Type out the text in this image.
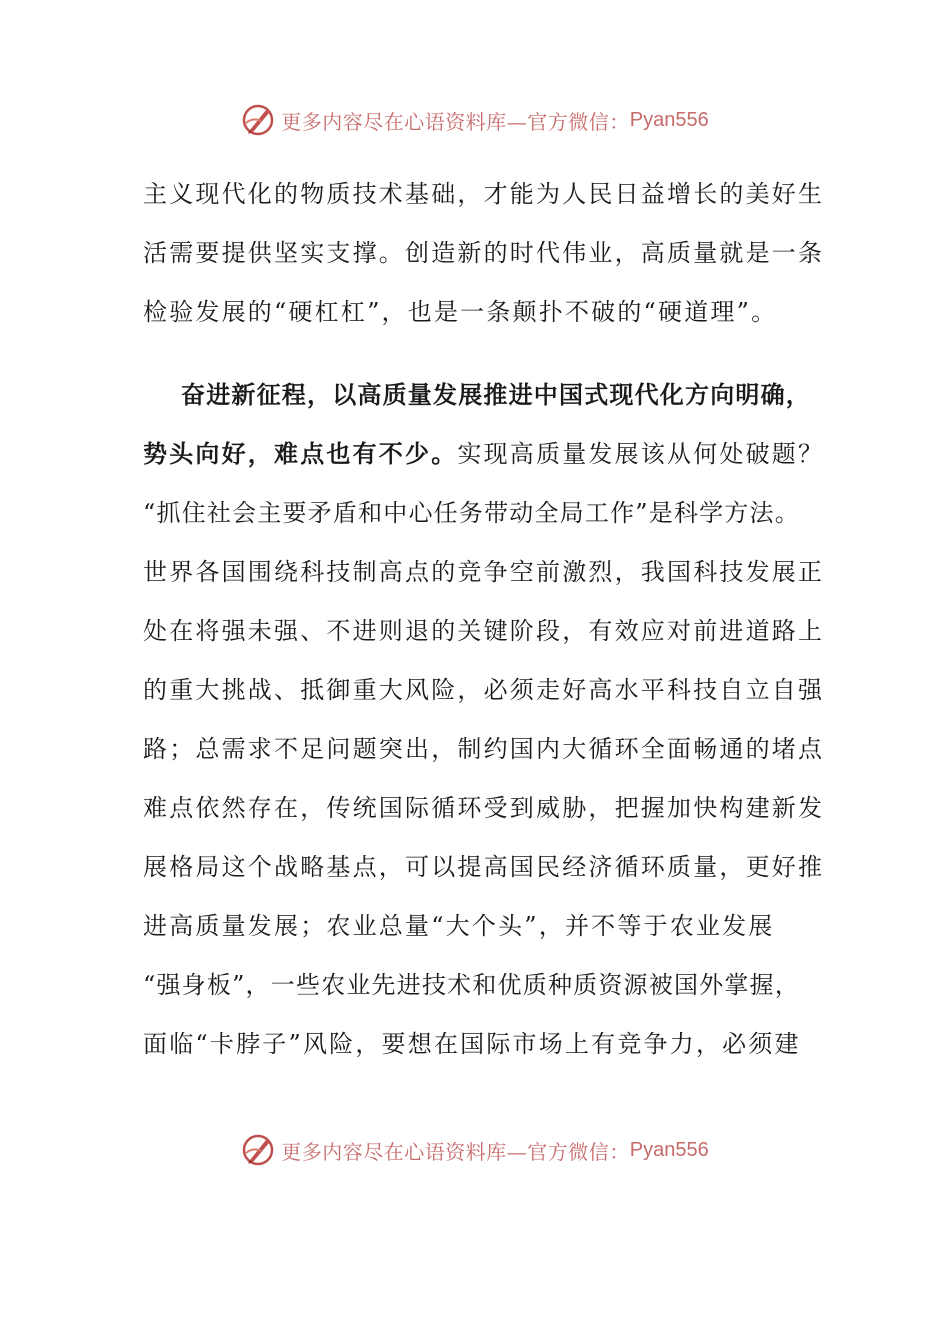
更多内容尽在心语资料库—官方微信： Pyan556
主义现代化的物质技术基础，才能为人民日益增长的美好生
活需要提供坚实支撑。创造新的时代伟业，高质量就是一条
检验发展的“硬杠杠”，也是一条颠扑不破的“硬道理”。
奋进新征程，以高质量发展推进中国式现代化方向明确，
势头向好，难点也有不少。实现高质量发展该从何处破题？
“抓住社会主要矛盾和中心任务带动全局工作”是科学方法。
世界各国围绕科技制高点的竞争空前激烈，我国科技发展正
处在将强未强、不进则退的关键阶段，有效应对前进道路上
的重大挑战、抵御重大风险，必须走好高水平科技自立自强
路；总需求不足问题突出，制约国内大循环全面畅通的堵点
难点依然存在，传统国际循环受到威胁，把握加快构建新发
展格局这个战略基点，可以提高国民经济循环质量，更好推
进高质量发展；农业总量“大个头”，并不等于农业发展
“强身板”，一些农业先进技术和优质种质资源被国外掌握，
面临“卡脖子”风险，要想在国际市场上有竞争力，必须建
更多内容尽在心语资料库—官方微信： Pyan556
